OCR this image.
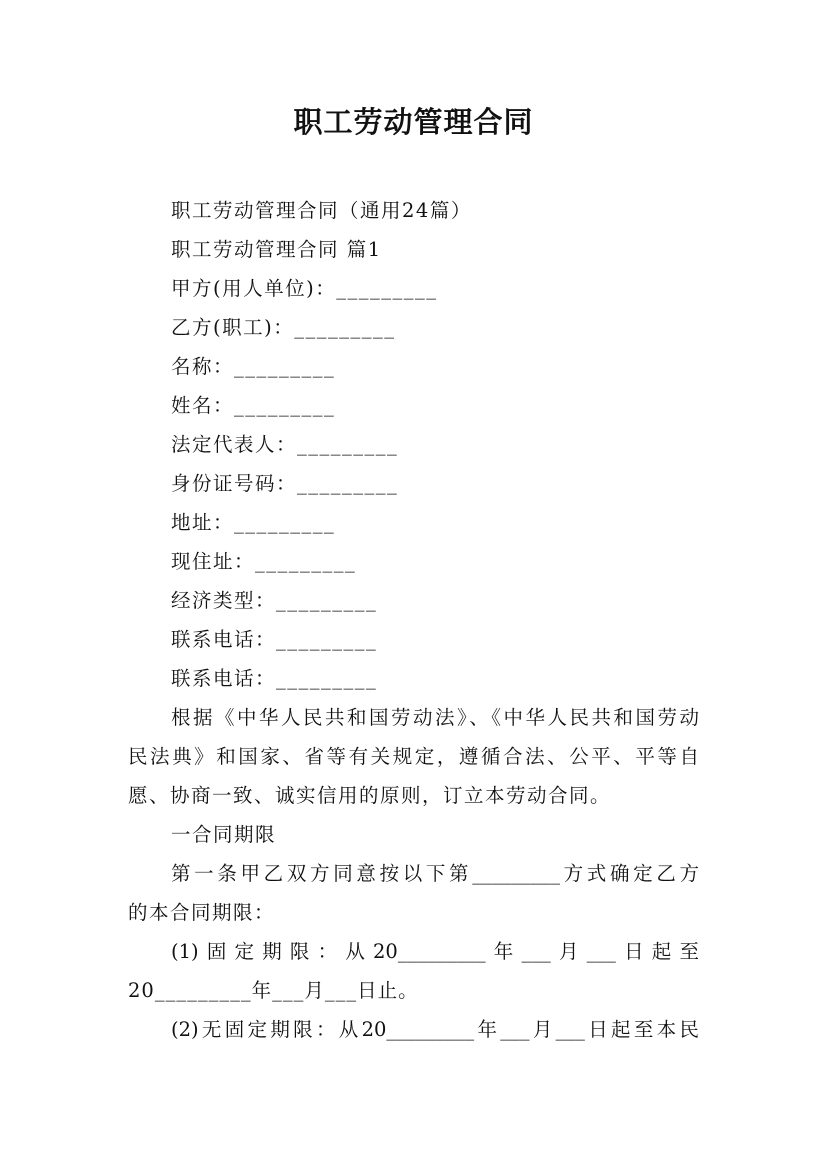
职工劳动管理合同
职工劳动管理合同（通用24篇）
职工劳动管理合同 篇1
甲方(用人单位)：_________
乙方(职工)：_________
名称：_________
姓名：_________
法定代表人：_________
身份证号码：_________
地址：_________
现住址：_________
经济类型：_________
联系电话：_________
联系电话：_________
根据《中华人民共和国劳动法》、《中华人民共和国劳动
民法典》和国家、省等有关规定，遵循合法、公平、平等自
愿、协商一致、诚实信用的原则，订立本劳动合同。
一合同期限
第一条甲乙双方同意按以下第_________方式确定乙方
的本合同期限：
(1)固定期限：从20_________年___月___日起至
20_________年___月___日止。
(2)无固定期限：从20_________年___月___日起至本民
